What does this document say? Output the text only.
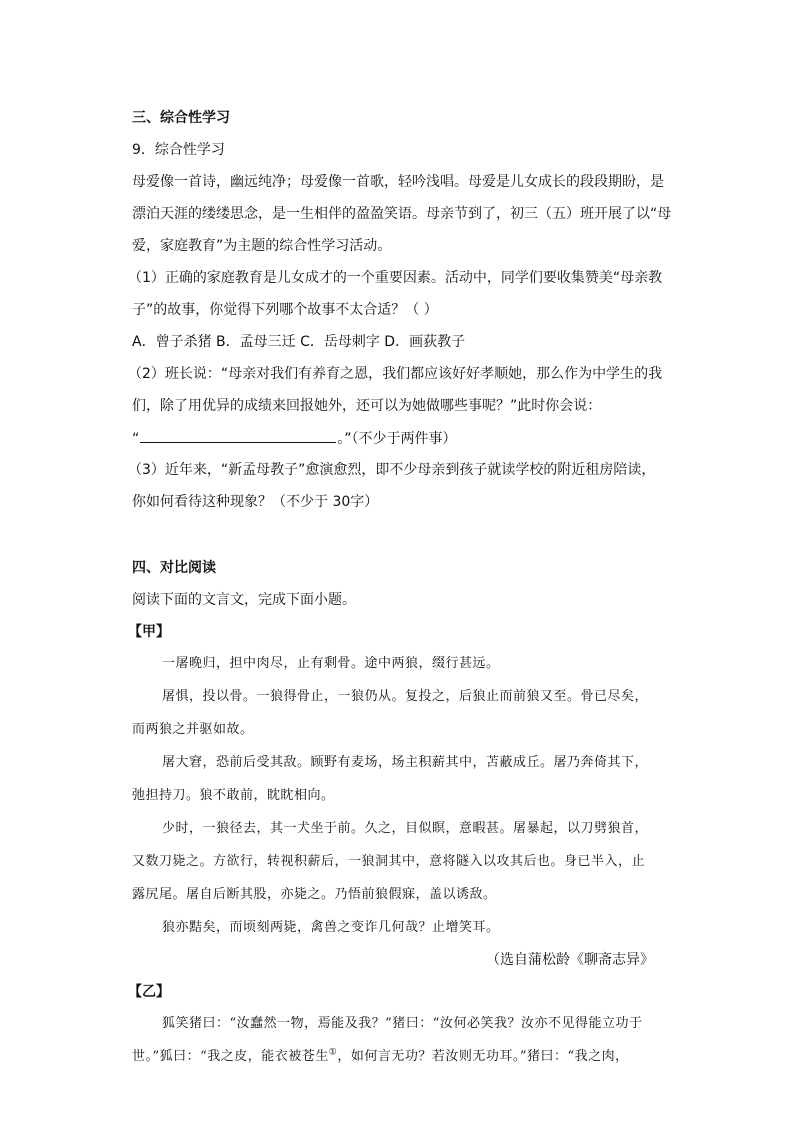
三、综合性学习
9．综合性学习
母爱像一首诗，幽远纯净；母爱像一首歌，轻吟浅唱。母爱是儿女成长的段段期盼，是
漂泊天涯的缕缕思念，是一生相伴的盈盈笑语。母亲节到了，初三（五）班开展了以“母
爱，家庭教育”为主题的综合性学习活动。
（1）正确的家庭教育是儿女成才的一个重要因素。活动中，同学们要收集赞美“母亲教
子”的故事，你觉得下列哪个故事不太合适？（ ）
A．曾子杀猪 B．孟母三迁 C．岳母刺字 D．画荻教子
（2）班长说：“母亲对我们有养育之恩，我们都应该好好孝顺她，那么作为中学生的我
们，除了用优异的成绩来回报她外，还可以为她做哪些事呢？”此时你会说：
“	。”（不少于两件事）
（3）近年来，“新孟母教子”愈演愈烈，即不少母亲到孩子就读学校的附近租房陪读，
你如何看待这种现象？（不少于 30字）
四、对比阅读
阅读下面的文言文，完成下面小题。
【甲】
一屠晚归，担中肉尽，止有剩骨。途中两狼，缀行甚远。
屠惧，投以骨。一狼得骨止，一狼仍从。复投之，后狼止而前狼又至。骨已尽矣，
而两狼之并驱如故。
屠大窘，恐前后受其敌。顾野有麦场，场主积薪其中，苫蔽成丘。屠乃奔倚其下，
弛担持刀。狼不敢前，眈眈相向。
少时，一狼径去，其一犬坐于前。久之，目似瞑，意暇甚。屠暴起，以刀劈狼首，
又数刀毙之。方欲行，转视积薪后，一狼洞其中，意将隧入以攻其后也。身已半入，止
露尻尾。屠自后断其股，亦毙之。乃悟前狼假寐，盖以诱敌。
狼亦黠矣，而顷刻两毙，禽兽之变诈几何哉？止增笑耳。
（选自蒲松龄《聊斋志异》
【乙】
狐笑猪曰：“汝蠢然一物，焉能及我？”猪曰：“汝何必笑我？汝亦不见得能立功于
世。”狐曰：“我之皮，能衣被苍生①，如何言无功？若汝则无功耳。”猪曰：“我之肉，
